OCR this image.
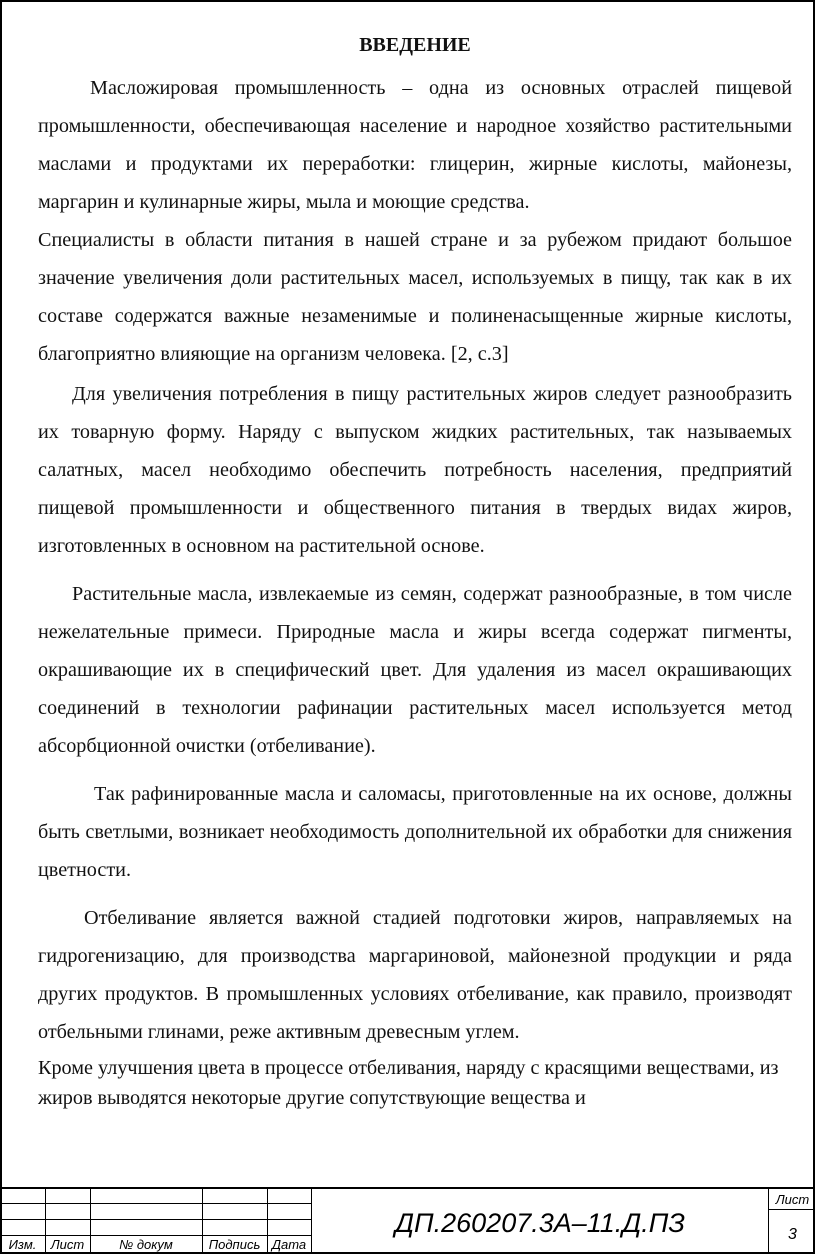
ВВЕДЕНИЕ

Масложировая промышленность – одна из основных отраслей пищевой промышленности, обеспечивающая население и народное хозяйство растительными маслами и продуктами их переработки: глицерин, жирные кислоты, майонезы, маргарин и кулинарные жиры, мыла и моющие средства.

Специалисты в области питания в нашей стране и за рубежом придают большое значение увеличения доли растительных масел, используемых в пищу, так как в их составе содержатся важные незаменимые и полиненасыщенные жирные кислоты, благоприятно влияющие на организм человека. [2, с.3]

Для увеличения потребления в пищу растительных жиров следует разнообразить их товарную форму. Наряду с выпуском жидких растительных, так называемых салатных, масел необходимо обеспечить потребность населения, предприятий пищевой промышленности и общественного питания в твердых видах жиров, изготовленных в основном на растительной основе.

Растительные масла, извлекаемые из семян, содержат разнообразные, в том числе нежелательные примеси. Природные масла и жиры всегда содержат пигменты, окрашивающие их в специфический цвет. Для удаления из масел окрашивающих соединений в технологии рафинации растительных масел используется метод абсорбционной очистки (отбеливание).

Так рафинированные масла и саломасы, приготовленные на их основе, должны быть светлыми, возникает необходимость дополнительной их обработки для снижения цветности.

Отбеливание является важной стадией подготовки жиров, направляемых на гидрогенизацию, для производства маргариновой, майонезной продукции и ряда других продуктов. В промышленных условиях отбеливание, как правило, производят отбельными глинами, реже активным древесным углем.

Кроме улучшения цвета в процессе отбеливания, наряду с красящими веществами, из жиров выводятся некоторые другие сопутствующие вещества и

Изм.	Лист	№ докум	Подпись Дата
ДП.260207.3А–11.Д.ПЗ
Лист
3
